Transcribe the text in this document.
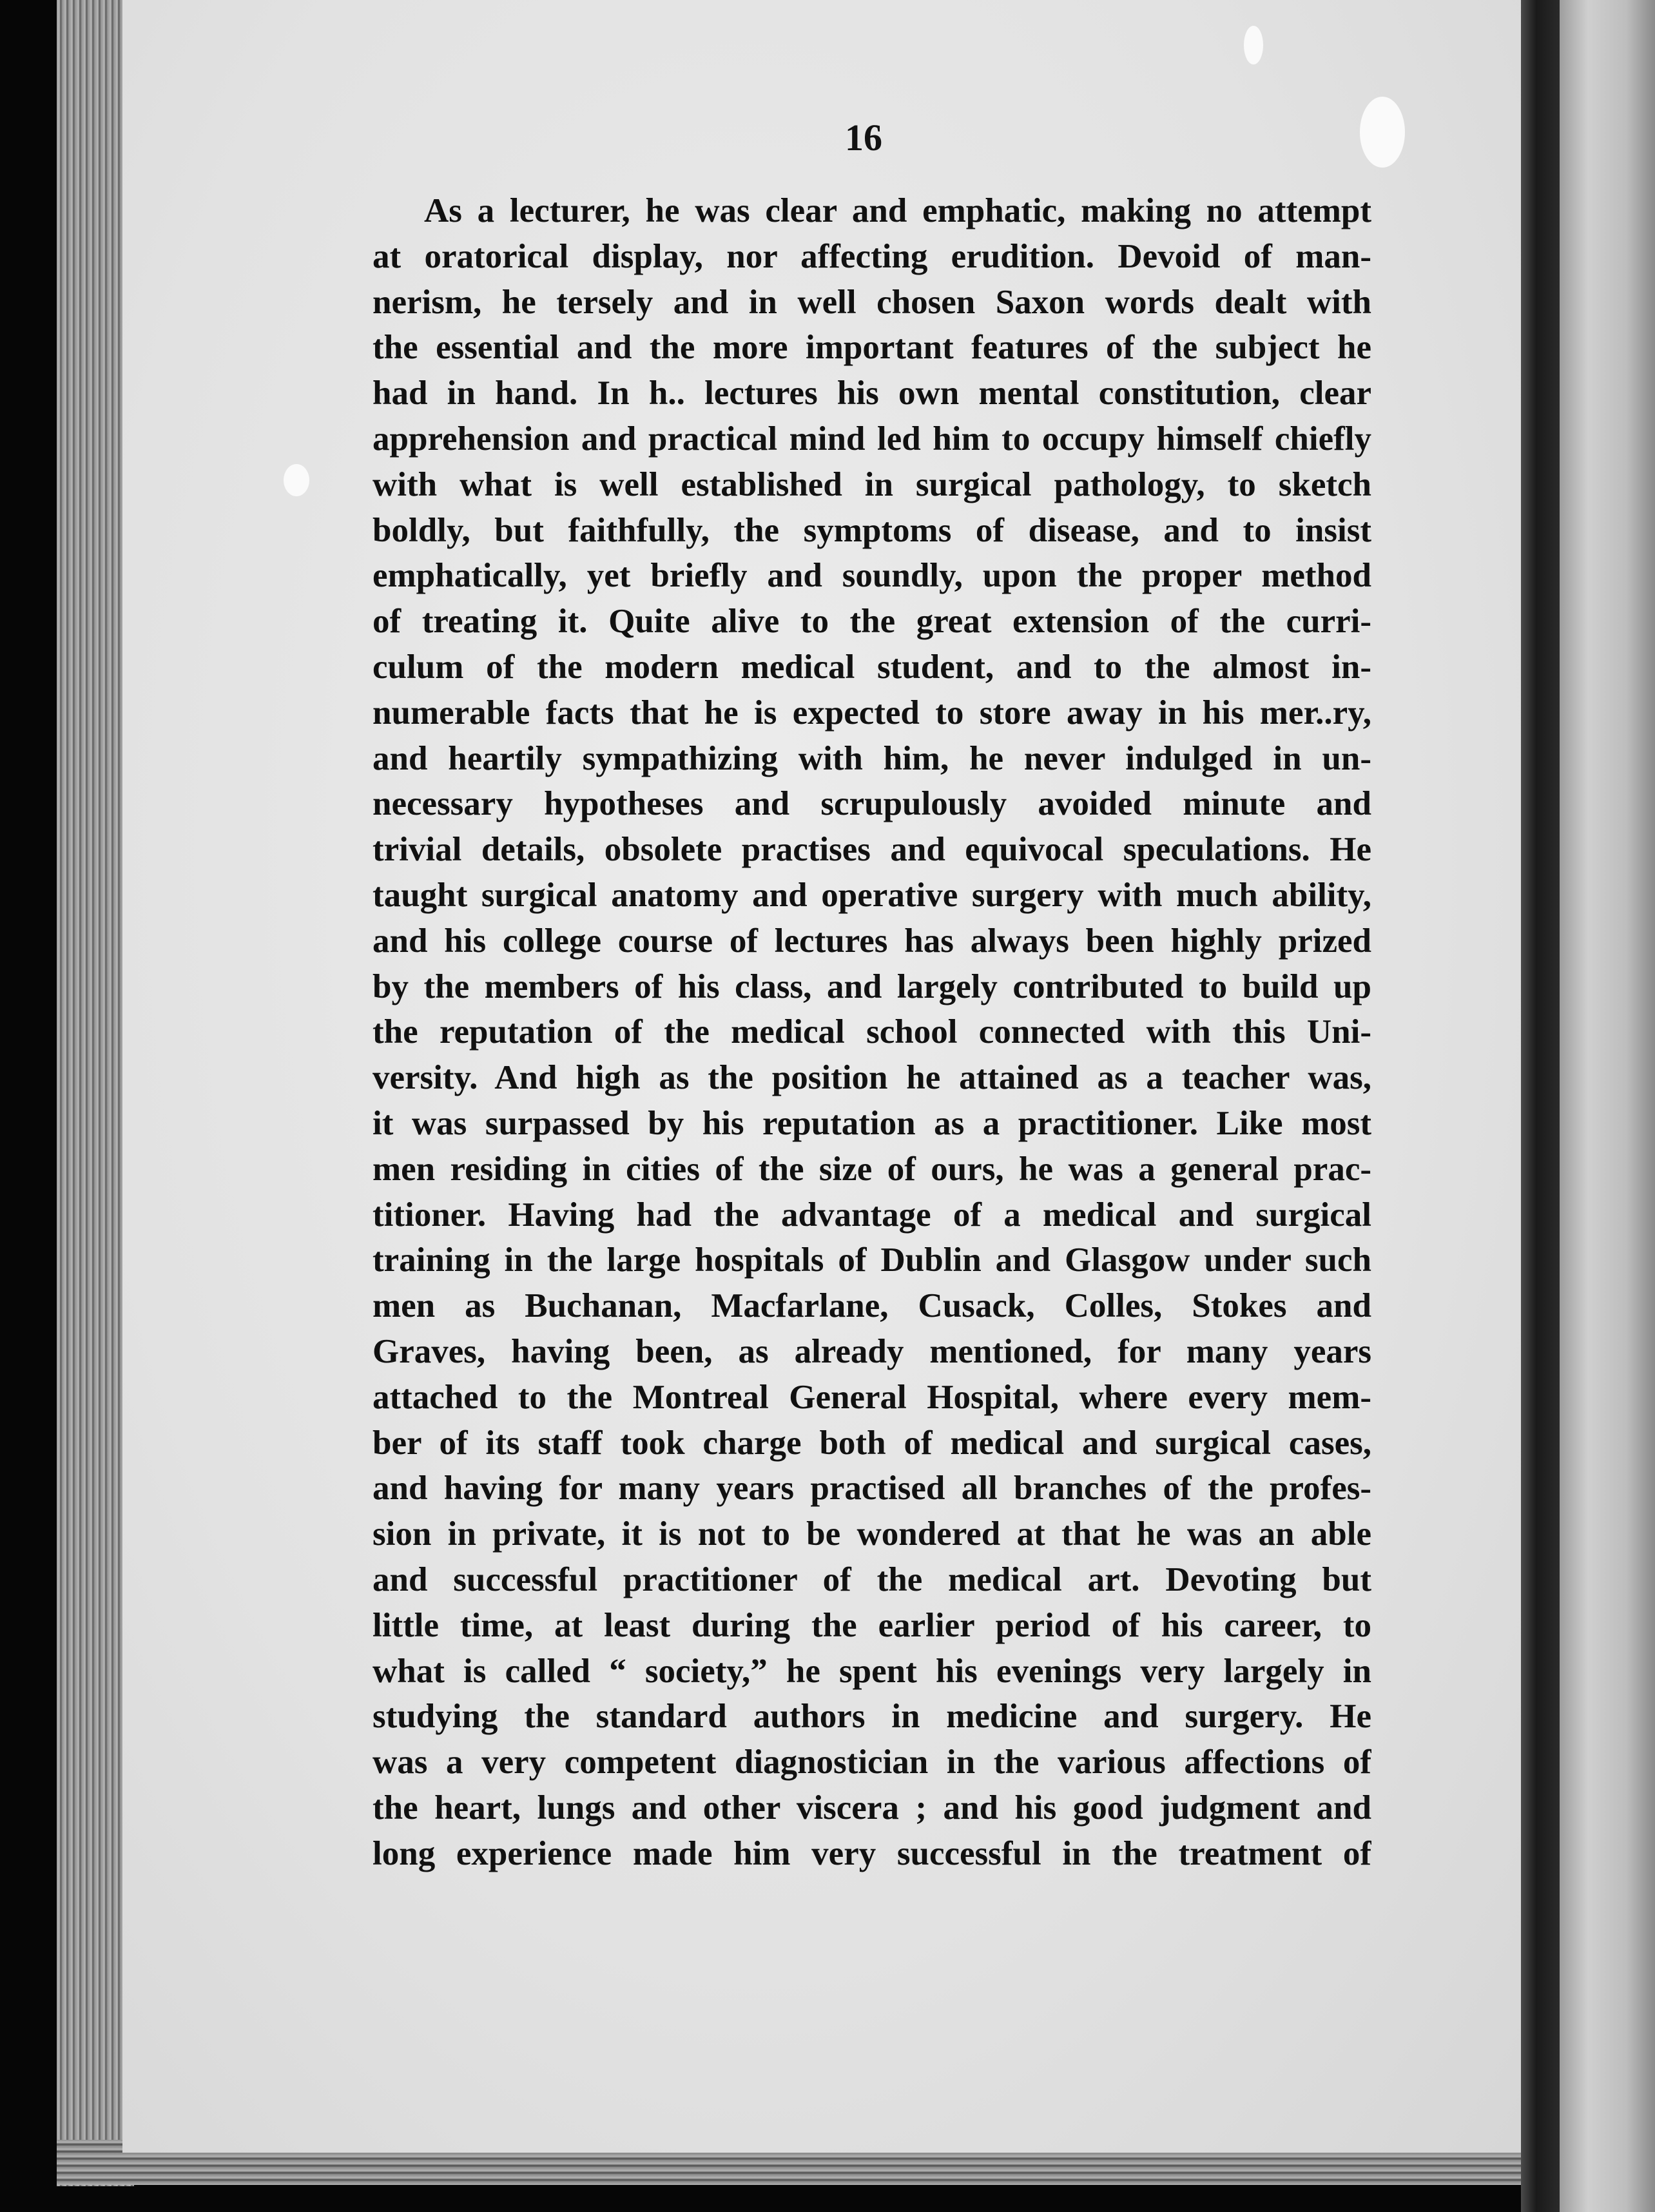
16

As a lecturer, he was clear and emphatic, making no attempt
at oratorical display, nor affecting erudition. Devoid of man-
nerism, he tersely and in well chosen Saxon words dealt with
the essential and the more important features of the subject he
had in hand. In h.. lectures his own mental constitution, clear
apprehension and practical mind led him to occupy himself chiefly
with what is well established in surgical pathology, to sketch
boldly, but faithfully, the symptoms of disease, and to insist
emphatically, yet briefly and soundly, upon the proper method
of treating it. Quite alive to the great extension of the curri-
culum of the modern medical student, and to the almost in-
numerable facts that he is expected to store away in his mer..ry,
and heartily sympathizing with him, he never indulged in un-
necessary hypotheses and scrupulously avoided minute and
trivial details, obsolete practises and equivocal speculations. He
taught surgical anatomy and operative surgery with much ability,
and his college course of lectures has always been highly prized
by the members of his class, and largely contributed to build up
the reputation of the medical school connected with this Uni-
versity. And high as the position he attained as a teacher was,
it was surpassed by his reputation as a practitioner. Like most
men residing in cities of the size of ours, he was a general prac-
titioner. Having had the advantage of a medical and surgical
training in the large hospitals of Dublin and Glasgow under such
men as Buchanan, Macfarlane, Cusack, Colles, Stokes and
Graves, having been, as already mentioned, for many years
attached to the Montreal General Hospital, where every mem-
ber of its staff took charge both of medical and surgical cases,
and having for many years practised all branches of the profes-
sion in private, it is not to be wondered at that he was an able
and successful practitioner of the medical art. Devoting but
little time, at least during the earlier period of his career, to
what is called “ society,” he spent his evenings very largely in
studying the standard authors in medicine and surgery. He
was a very competent diagnostician in the various affections of
the heart, lungs and other viscera ; and his good judgment and
long experience made him very successful in the treatment of
